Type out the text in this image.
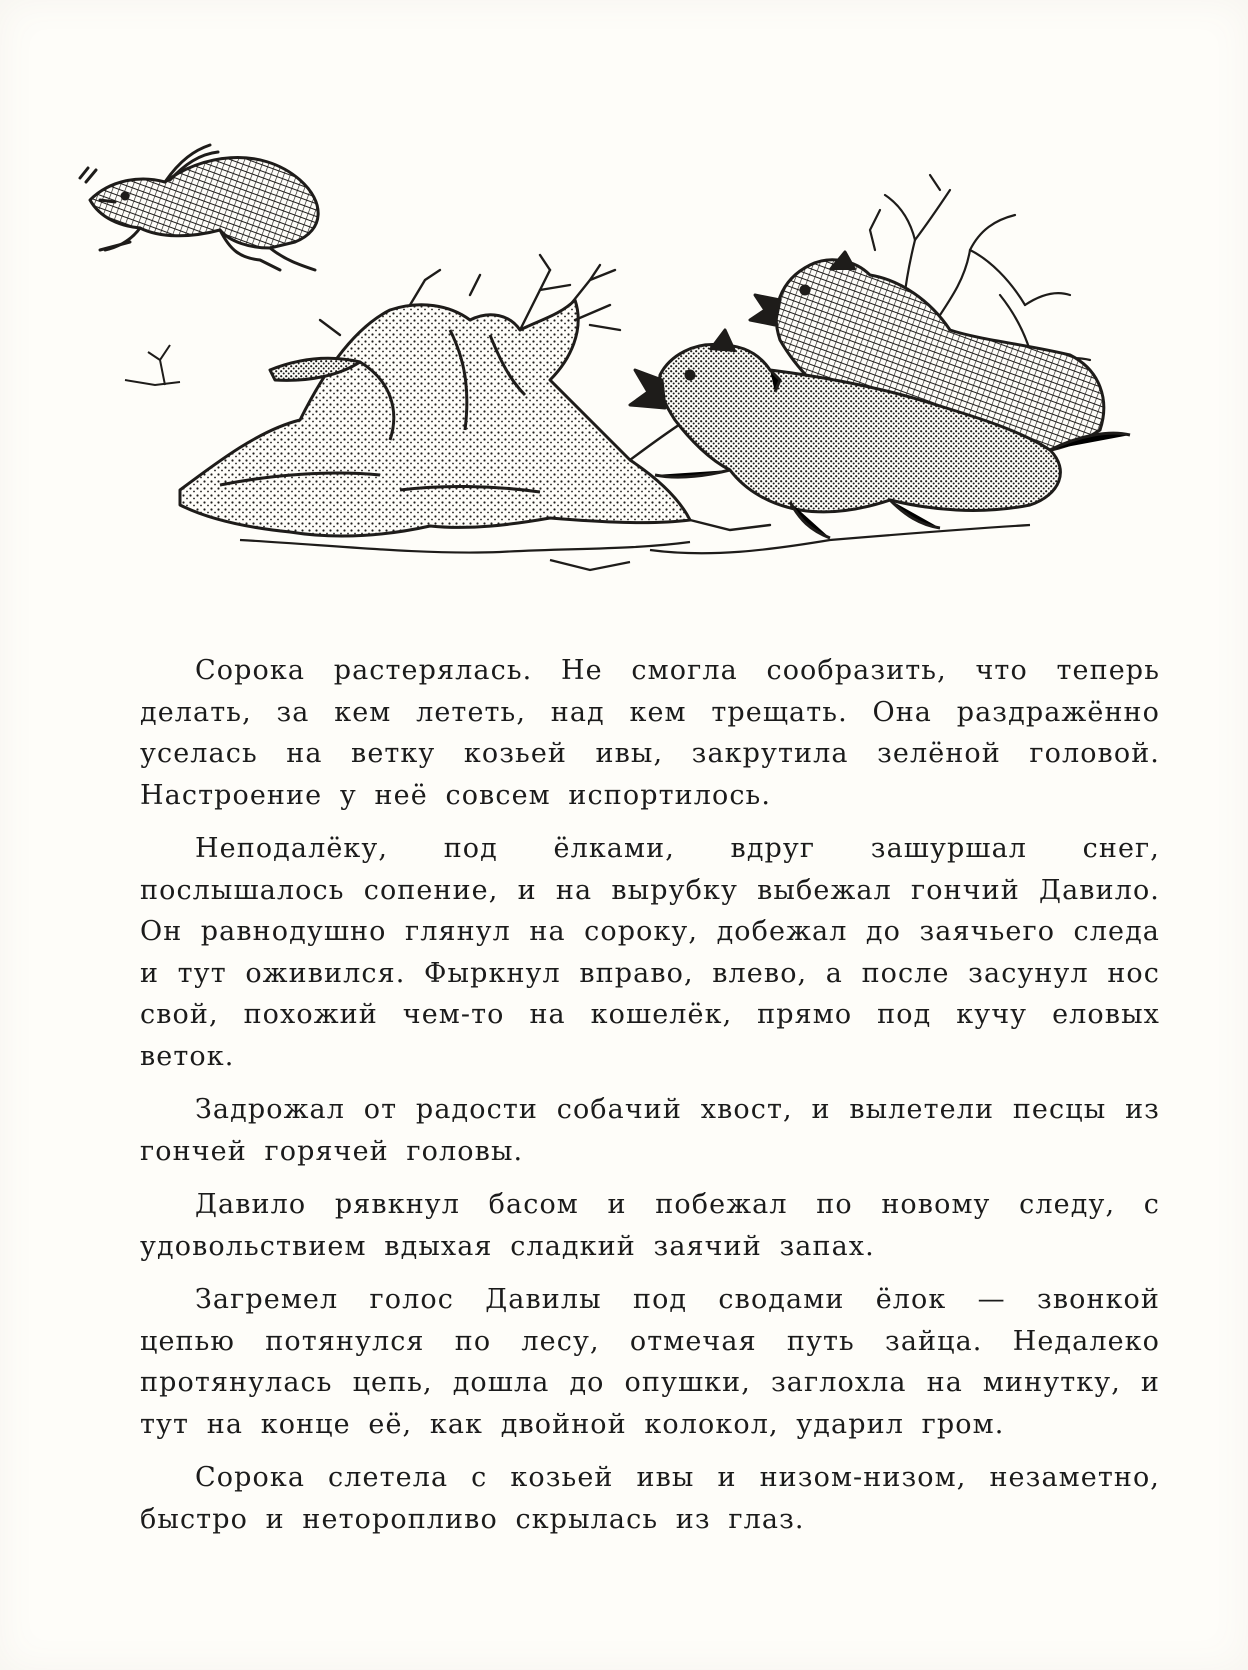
Сорока растерялась. Не смогла сообразить, что теперь делать, за кем лететь, над кем трещать. Она раздражённо уселась на ветку козьей ивы, закрутила зелёной головой. Настроение у неё совсем испортилось.

Неподалёку, под ёлками, вдруг зашуршал снег, послышалось сопение, и на вырубку выбежал гончий Давило. Он равнодушно глянул на сороку, добежал до заячьего следа и тут оживился. Фыркнул вправо, влево, а после засунул нос свой, похожий чем-то на кошелёк, прямо под кучу еловых веток.

Задрожал от радости собачий хвост, и вылетели песцы из гончей горячей головы.

Давило рявкнул басом и побежал по новому следу, с удовольствием вдыхая сладкий заячий запах.

Загремел голос Давилы под сводами ёлок — звонкой цепью потянулся по лесу, отмечая путь зайца. Недалеко протянулась цепь, дошла до опушки, заглохла на минутку, и тут на конце её, как двойной колокол, ударил гром.

Сорока слетела с козьей ивы и низом-низом, незаметно, быстро и неторопливо скрылась из глаз.
